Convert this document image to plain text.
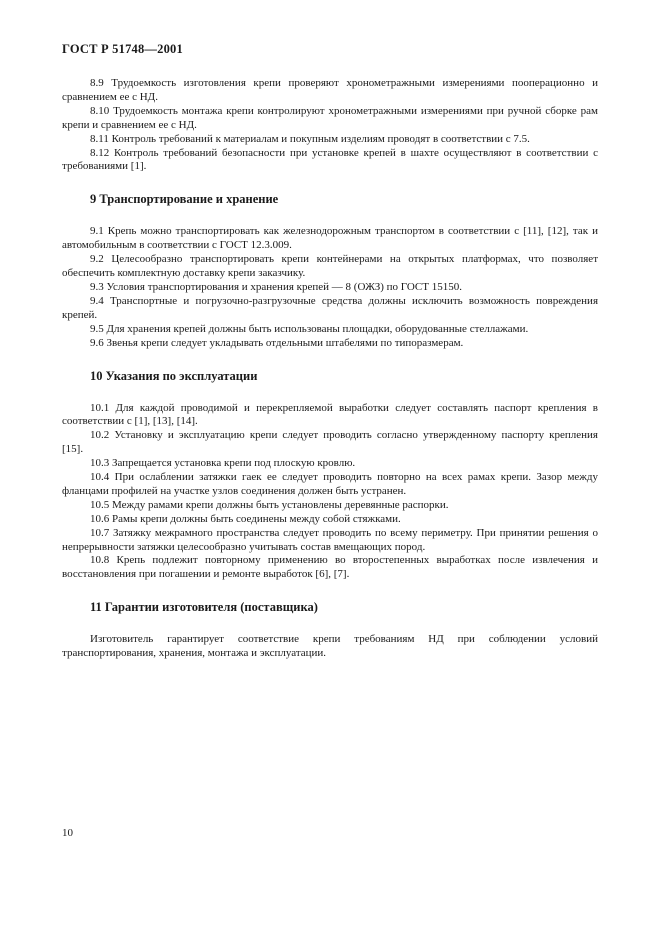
ГОСТ Р 51748—2001

8.9 Трудоемкость изготовления крепи проверяют хронометражными измерениями пооперационно и сравнением ее с НД.

8.10 Трудоемкость монтажа крепи контролируют хронометражными измерениями при ручной сборке рам крепи и сравнением ее с НД.

8.11 Контроль требований к материалам и покупным изделиям проводят в соответствии с 7.5.

8.12 Контроль требований безопасности при установке крепей в шахте осуществляют в соответствии с требованиями [1].

9 Транспортирование и хранение

9.1 Крепь можно транспортировать как железнодорожным транспортом в соответствии с [11], [12], так и автомобильным в соответствии с ГОСТ 12.3.009.

9.2 Целесообразно транспортировать крепи контейнерами на открытых платформах, что позволяет обеспечить комплектную доставку крепи заказчику.

9.3 Условия транспортирования и хранения крепей — 8 (ОЖЗ) по ГОСТ 15150.

9.4 Транспортные и погрузочно-разгрузочные средства должны исключить возможность повреждения крепей.

9.5 Для хранения крепей должны быть использованы площадки, оборудованные стеллажами.

9.6 Звенья крепи следует укладывать отдельными штабелями по типоразмерам.

10 Указания по эксплуатации

10.1 Для каждой проводимой и перекрепляемой выработки следует составлять паспорт крепления в соответствии с [1], [13], [14].

10.2 Установку и эксплуатацию крепи следует проводить согласно утвержденному паспорту крепления [15].

10.3 Запрещается установка крепи под плоскую кровлю.

10.4 При ослаблении затяжки гаек ее следует проводить повторно на всех рамах крепи. Зазор между фланцами профилей на участке узлов соединения должен быть устранен.

10.5 Между рамами крепи должны быть установлены деревянные распорки.

10.6 Рамы крепи должны быть соединены между собой стяжками.

10.7 Затяжку межрамного пространства следует проводить по всему периметру. При принятии решения о непрерывности затяжки целесообразно учитывать состав вмещающих пород.

10.8 Крепь подлежит повторному применению во второстепенных выработках после извлечения и восстановления при погашении и ремонте выработок [6], [7].

11 Гарантии изготовителя (поставщика)

Изготовитель гарантирует соответствие крепи требованиям НД при соблюдении условий транспортирования, хранения, монтажа и эксплуатации.

10
